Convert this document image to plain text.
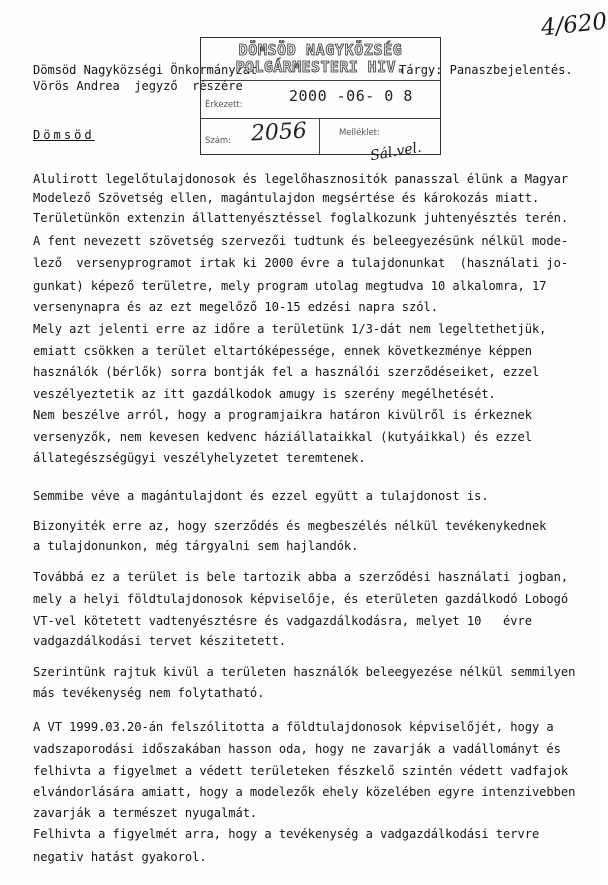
4/620
Dömsöd Nagyközségi Önkormányzat	Tárgy: Panaszbejelentés.
Vörös Andrea  jegyző  részére
Dömsöd
DÖMSÖD NAGYKÖZSÉG
POLGÁRMESTERI HIV.
Érkezett:	2000 -06- 0 8
Szám: 2056	Melléklet:
Sál.vel.
Alulirott legelőtulajdonosok és legelőhasznositók panasszal élünk a Magyar
Modelező Szövetség ellen, magántulajdon megsértése és károkozás miatt.
Területünkön extenzin állattenyésztéssel foglalkozunk juhtenyésztés terén.
A fent nevezett szövetség szervezői tudtunk és beleegyezésünk nélkül mode-
lező  versenyprogramot irtak ki 2000 évre a tulajdonunkat  (használati jo-
gunkat) képező területre, mely program utolag megtudva 10 alkalomra, 17
versenynapra és az ezt megelőző 10-15 edzési napra szól.
Mely azt jelenti erre az időre a területünk 1/3-dát nem legeltethetjük,
emiatt csökken a terület eltartóképessége, ennek következménye képpen
használók (bérlők) sorra bontják fel a használói szerződéseiket, ezzel
veszélyeztetik az itt gazdálkodok amugy is szerény megélhetését.
Nem beszélve arról, hogy a programjaikra határon kivülről is érkeznek
versenyzők, nem kevesen kedvenc háziállataikkal (kutyáikkal) és ezzel
állategészségügyi veszélyhelyzetet teremtenek.
Semmibe véve a magántulajdont és ezzel együtt a tulajdonost is.
Bizonyiték erre az, hogy szerződés és megbeszélés nélkül tevékenykednek
a tulajdonunkon, még tárgyalni sem hajlandók.
Továbbá ez a terület is bele tartozik abba a szerződési használati jogban,
mely a helyi földtulajdonosok képviselője, és eterületen gazdálkodó Lobogó
VT-vel kötetett vadtenyésztésre és vadgazdálkodásra, melyet 10   évre
vadgazdálkodási tervet készitetett.
Szerintünk rajtuk kivül a területen használók beleegyezése nélkül semmilyen
más tevékenység nem folytatható.
A VT 1999.03.20-án felszólitotta a földtulajdonosok képviselőjét, hogy a
vadszaporodási időszakában hasson oda, hogy ne zavarják a vadállományt és
felhivta a figyelmet a védett területeken fészkelő szintén védett vadfajok
elvándorlására amiatt, hogy a modelezők ehely közelében egyre intenzivebben
zavarják a természet nyugalmát.
Felhivta a figyelmét arra, hogy a tevékenység a vadgazdálkodási tervre
negativ hatást gyakorol.
